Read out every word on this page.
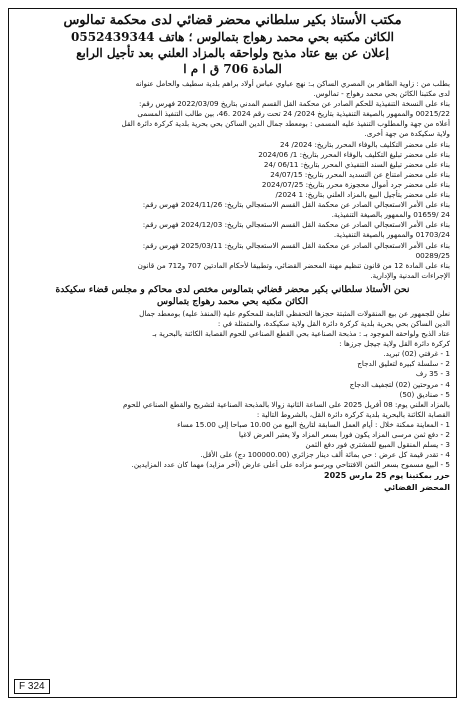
مكتب الأستاذ بكير سلطاني محضر قضائي لدى محكمة تمالوس
الكائن مكتبه بحي محمد رهواج بتمالوس ؛ هاتف 0552439344
إعلان عن بيع عتاد مذبح ولواحقه بالمزاد العلني بعد تأجيل الرابع
المادة 706 ق ا م ا
بطلب من : زاوية الطاهر بن المصري الساكن بـ: نهج عباوي عباس أولاد براهم بلدية سطيف والحامل عنوانه
لدى مكتبنا الكائن بحي محمد رهواج - تمالوس.
بناء على النسخة التنفيذية للحكم الصادر عن محكمة القل القسم المدني بتاريخ 2022/03/09 فهرس رقم:
00215/22 والممهور بالصيغة التنفيذية بتاريخ 2024/ 24 تحت رقم 2024 .46، بين طالب التنفيذ المسمى
أعلاه من جهة والمطلوب التنفيذ عليه المسمى : بومعطد جمال الدين الساكن بحي بحرية بلدية كركرة دائرة القل
ولاية سكيكدة من جهة أخرى.
بناء على محضر التكليف بالوفاء المحرر بتاريخ: 2024/ 24
بناء على محضر تبليغ التكليف بالوفاء المحرر بتاريخ: 1/ 2024/06
بناء على محضر تبليغ السند التنفيذي المحرر بتاريخ: 06/11 /24
بناء على محضر امتناع عن التسديد المحرر بتاريخ: 24/07/15
بناء على محضر جرد أموال محجوزة محرر بتاريخ: 2024/07/25
بناء على محضر بتأجيل البيع بالمزاد العلني بتاريخ: 1 2024/
بناء على الأمر الاستعجالي الصادر عن محكمة القل القسم الاستعجالي بتاريخ: 2024/11/26 فهرس رقم:
24 /01659 والممهور بالصيغة التنفيذية.
بناء على الأمر الاستعجالي الصادر عن محكمة القل القسم الاستعجالي بتاريخ: 2024/12/03 فهرس رقم:
01703/24 والممهور بالصيغة التنفيذية.
بناء على الأمر الاستعجالي الصادر عن محكمة القل القسم الاستعجالي بتاريخ: 2025/03/11 فهرس رقم:
00289/25
بناء على المادة 12 من قانون تنظيم مهنة المحضر القضائي، وتطبيقا لأحكام المادتين 707 و712 من قانون
الإجراءات المدنية والإدارية.
نحن الأستاذ سلطاني بكير محضر قضائي بتمالوس مختص لدى محاكم و مجلس قضاء سكيكدة
الكائن مكتبه بحي محمد رهواج بتمالوس
نعلن للجمهور عن بيع المنقولات المثبتة حجزها التحفظي التابعة للمحكوم عليه (المنفذ عليه) بومعطد جمال
الدين الساكن بحي بحرية بلدية كركرة دائرة القل ولاية سكيكدة، والمتمثلة في :
عتاد الذبح ولواحقه الموجود بـ : مذبحة الصناعية بحي القطع الصناعي للحوم القصابة الكائنة بالبحرية بـ
كركرة دائرة القل ولاية جيجل جرزها :
1 - غرفتي (02) تبريد.
2 - سلسلة كبيرة لتعليق الدجاج
3 - 35 رف
4 - مروحتين (02) لتجفيف الدجاج
5 - صناديق (50)
بالمزاد العلني يوم: 08 أفريل 2025 على الساعة الثانية زوالا بالمذبحة الصناعية لتشريح والقطع الصناعي للحوم
القصابة الكائنة بالبحرية بلدية كركرة دائرة القل، بالشروط التالية :
1 - المعاينة ممكنة خلال : أيام العمل السابقة لتاريخ البيع من 10.00 صباحا إلى 15.00 مساء
2 - دفع ثمن مرسى المزاد يكون فورا بسعر المزاد ولا يعتبر العرض لاغيا
3 - يسلم المنقول المبيع للمشتري فور دفع الثمن
4 - تقدر قيمة كل عرض : حي بمائة ألف دينار جزائري (100000.00 دج) على الأقل.
5 - البيع مسموح بسعر الثمن الافتتاحي ويرسو مزاده على أعلى عارض (آخر مزايد) مهما كان عدد المزايدين.
حرر بمكتبنا يوم 25 مارس 2025
المحضر القضائي
F 324
